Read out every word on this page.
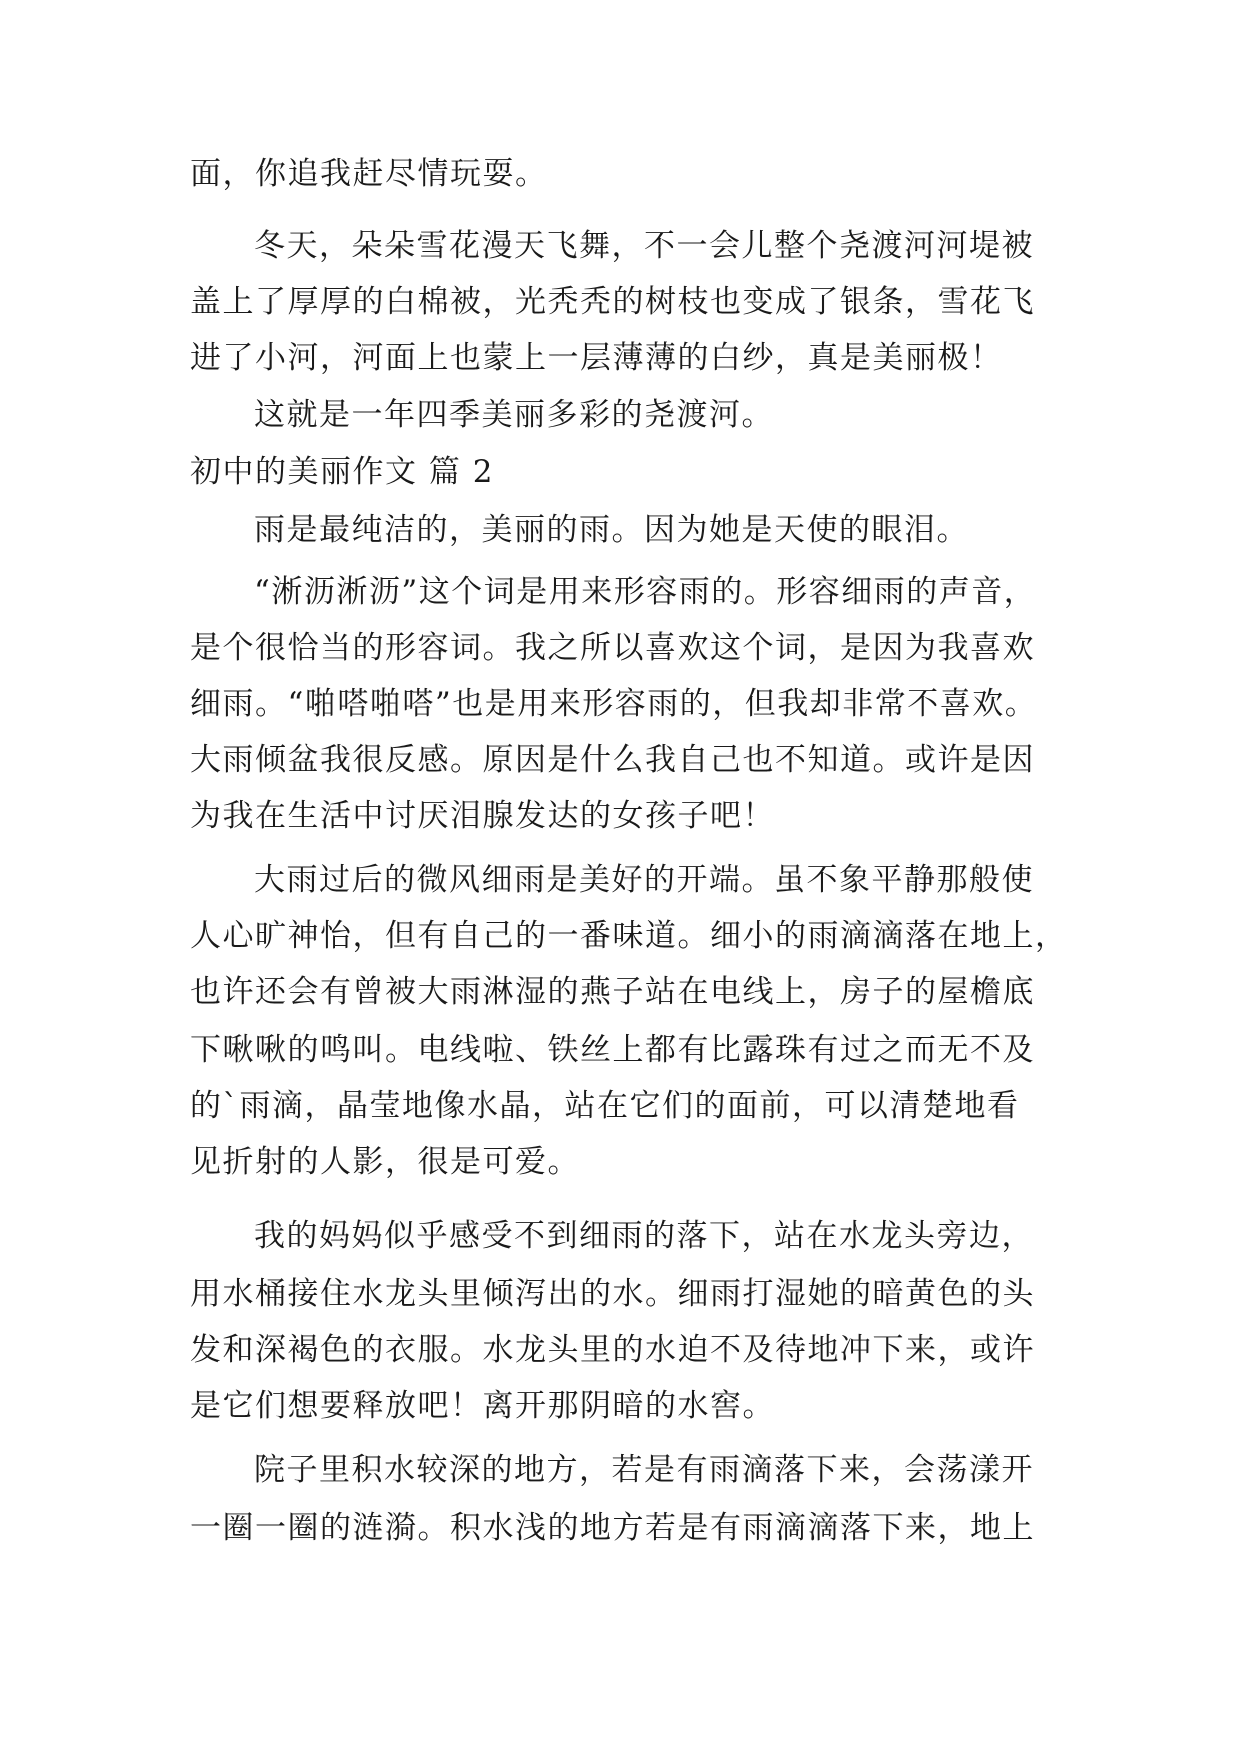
面，你追我赶尽情玩耍。
冬天，朵朵雪花漫天飞舞，不一会儿整个尧渡河河堤被
盖上了厚厚的白棉被，光秃秃的树枝也变成了银条，雪花飞
进了小河，河面上也蒙上一层薄薄的白纱，真是美丽极！
这就是一年四季美丽多彩的尧渡河。
初中的美丽作文 篇 2
雨是最纯洁的，美丽的雨。因为她是天使的眼泪。
“淅沥淅沥”这个词是用来形容雨的。形容细雨的声音，
是个很恰当的形容词。我之所以喜欢这个词，是因为我喜欢
细雨。“啪嗒啪嗒”也是用来形容雨的，但我却非常不喜欢。
大雨倾盆我很反感。原因是什么我自己也不知道。或许是因
为我在生活中讨厌泪腺发达的女孩子吧！
大雨过后的微风细雨是美好的开端。虽不象平静那般使
人心旷神怡，但有自己的一番味道。细小的雨滴滴落在地上，
也许还会有曾被大雨淋湿的燕子站在电线上，房子的屋檐底
下啾啾的鸣叫。电线啦、铁丝上都有比露珠有过之而无不及
的`雨滴，晶莹地像水晶，站在它们的面前，可以清楚地看
见折射的人影，很是可爱。
我的妈妈似乎感受不到细雨的落下，站在水龙头旁边，
用水桶接住水龙头里倾泻出的水。细雨打湿她的暗黄色的头
发和深褐色的衣服。水龙头里的水迫不及待地冲下来，或许
是它们想要释放吧！离开那阴暗的水窖。
院子里积水较深的地方，若是有雨滴落下来，会荡漾开
一圈一圈的涟漪。积水浅的地方若是有雨滴滴落下来，地上
